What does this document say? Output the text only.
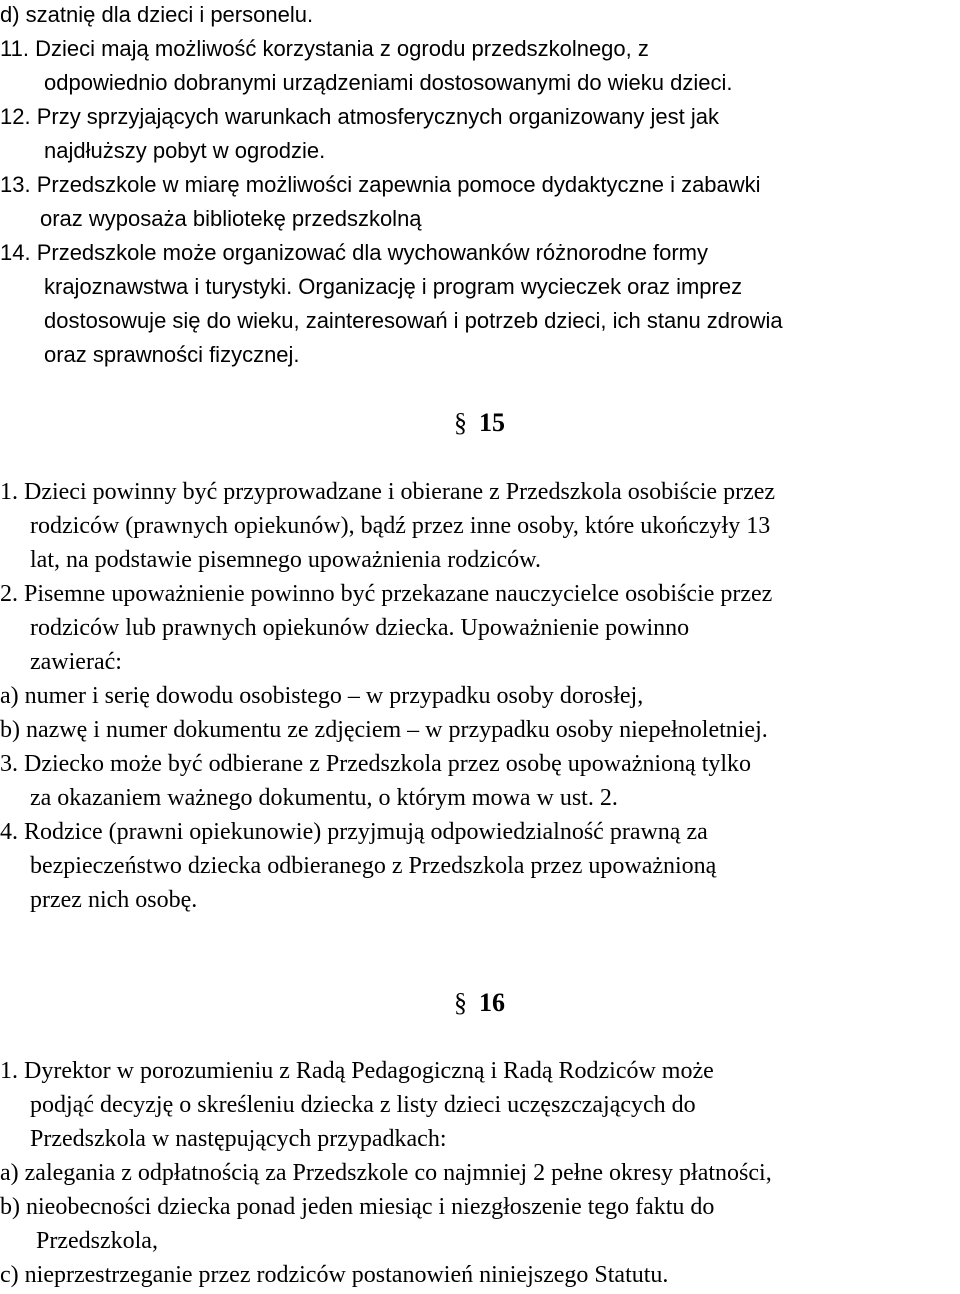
d) szatnię dla dzieci i personelu.
11. Dzieci mają możliwość korzystania z ogrodu przedszkolnego, z
odpowiednio dobranymi urządzeniami dostosowanymi do wieku dzieci.
12. Przy sprzyjających warunkach atmosferycznych organizowany jest jak
najdłuższy pobyt w ogrodzie.
13. Przedszkole w miarę możliwości zapewnia pomoce dydaktyczne i zabawki
oraz wyposaża bibliotekę przedszkolną
14. Przedszkole może organizować dla wychowanków różnorodne formy
krajoznawstwa i turystyki. Organizację i program wycieczek oraz imprez
dostosowuje się do wieku, zainteresowań i potrzeb dzieci, ich stanu zdrowia
oraz sprawności fizycznej.
§ 15
1. Dzieci powinny być przyprowadzane i obierane z Przedszkola osobiście przez
rodziców (prawnych opiekunów), bądź przez inne osoby, które ukończyły 13
lat, na podstawie pisemnego upoważnienia rodziców.
2. Pisemne upoważnienie powinno być przekazane nauczycielce osobiście przez
rodziców lub prawnych opiekunów dziecka. Upoważnienie powinno
zawierać:
a) numer i serię dowodu osobistego – w przypadku osoby dorosłej,
b) nazwę i numer dokumentu ze zdjęciem – w przypadku osoby niepełnoletniej.
3. Dziecko może być odbierane z Przedszkola przez osobę upoważnioną tylko
za okazaniem ważnego dokumentu, o którym mowa w ust. 2.
4. Rodzice (prawni opiekunowie) przyjmują odpowiedzialność prawną za
bezpieczeństwo dziecka odbieranego z Przedszkola przez upoważnioną
przez nich osobę.
§ 16
1. Dyrektor w porozumieniu z Radą Pedagogiczną i Radą Rodziców może
podjąć decyzję o skreśleniu dziecka z listy dzieci uczęszczających do
Przedszkola w następujących przypadkach:
a) zalegania z odpłatnością za Przedszkole co najmniej 2 pełne okresy płatności,
b) nieobecności dziecka ponad jeden miesiąc i niezgłoszenie tego faktu do
Przedszkola,
c) nieprzestrzeganie przez rodziców postanowień niniejszego Statutu.
